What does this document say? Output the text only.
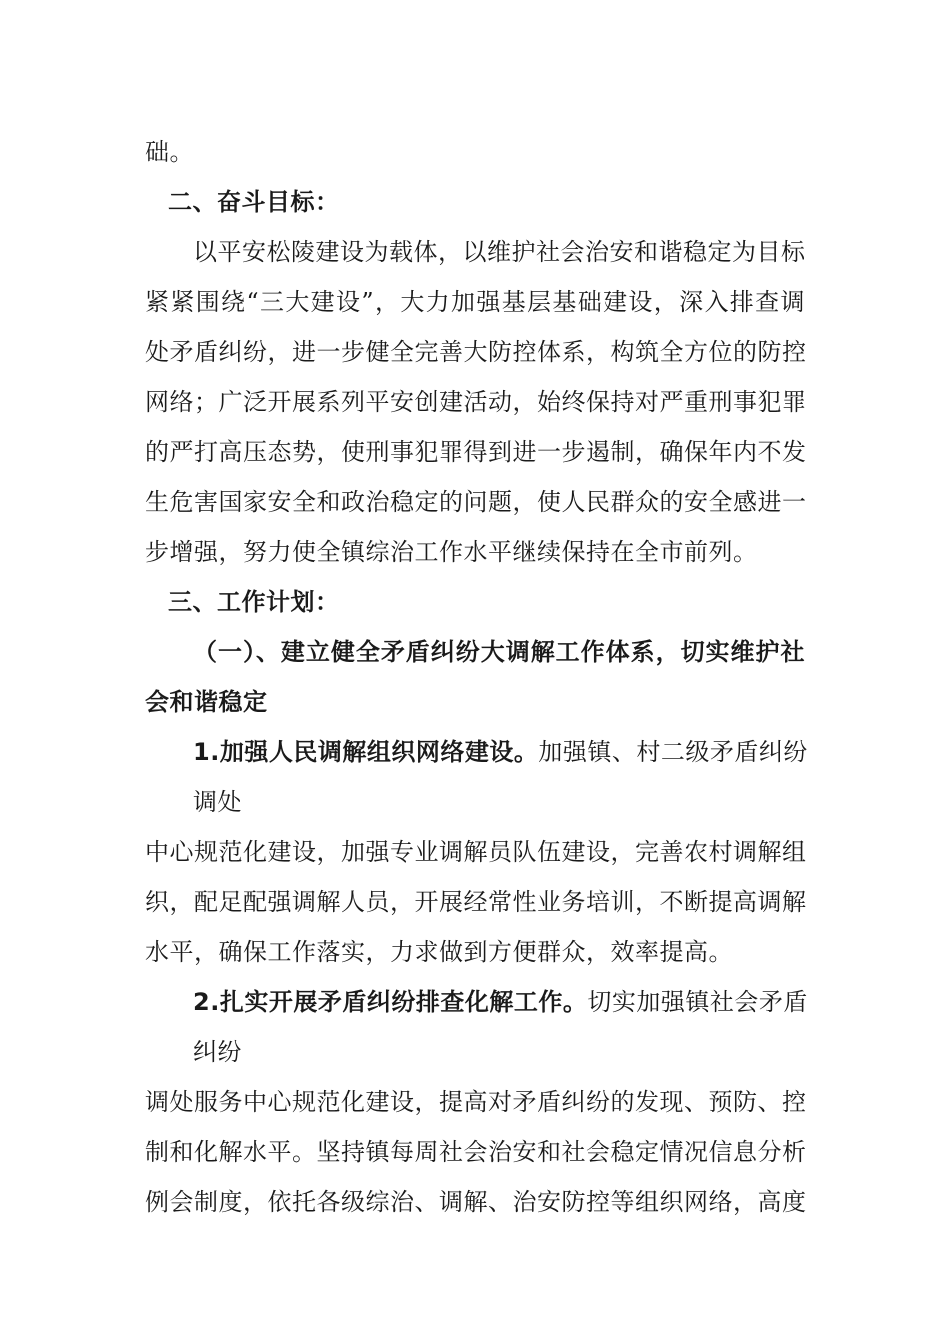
础。
二、奋斗目标：
以平安松陵建设为载体，以维护社会治安和谐稳定为目标
紧紧围绕“三大建设”，大力加强基层基础建设，深入排查调
处矛盾纠纷，进一步健全完善大防控体系，构筑全方位的防控
网络；广泛开展系列平安创建活动，始终保持对严重刑事犯罪
的严打高压态势，使刑事犯罪得到进一步遏制，确保年内不发
生危害国家安全和政治稳定的问题，使人民群众的安全感进一
步增强，努力使全镇综治工作水平继续保持在全市前列。
三、工作计划：
（一）、建立健全矛盾纠纷大调解工作体系，切实维护社
会和谐稳定
1.加强人民调解组织网络建设。加强镇、村二级矛盾纠纷
调处
中心规范化建设，加强专业调解员队伍建设，完善农村调解组
织，配足配强调解人员，开展经常性业务培训，不断提高调解
水平，确保工作落实，力求做到方便群众，效率提高。
2.扎实开展矛盾纠纷排查化解工作。切实加强镇社会矛盾
纠纷
调处服务中心规范化建设，提高对矛盾纠纷的发现、预防、控
制和化解水平。坚持镇每周社会治安和社会稳定情况信息分析
例会制度，依托各级综治、调解、治安防控等组织网络，高度
